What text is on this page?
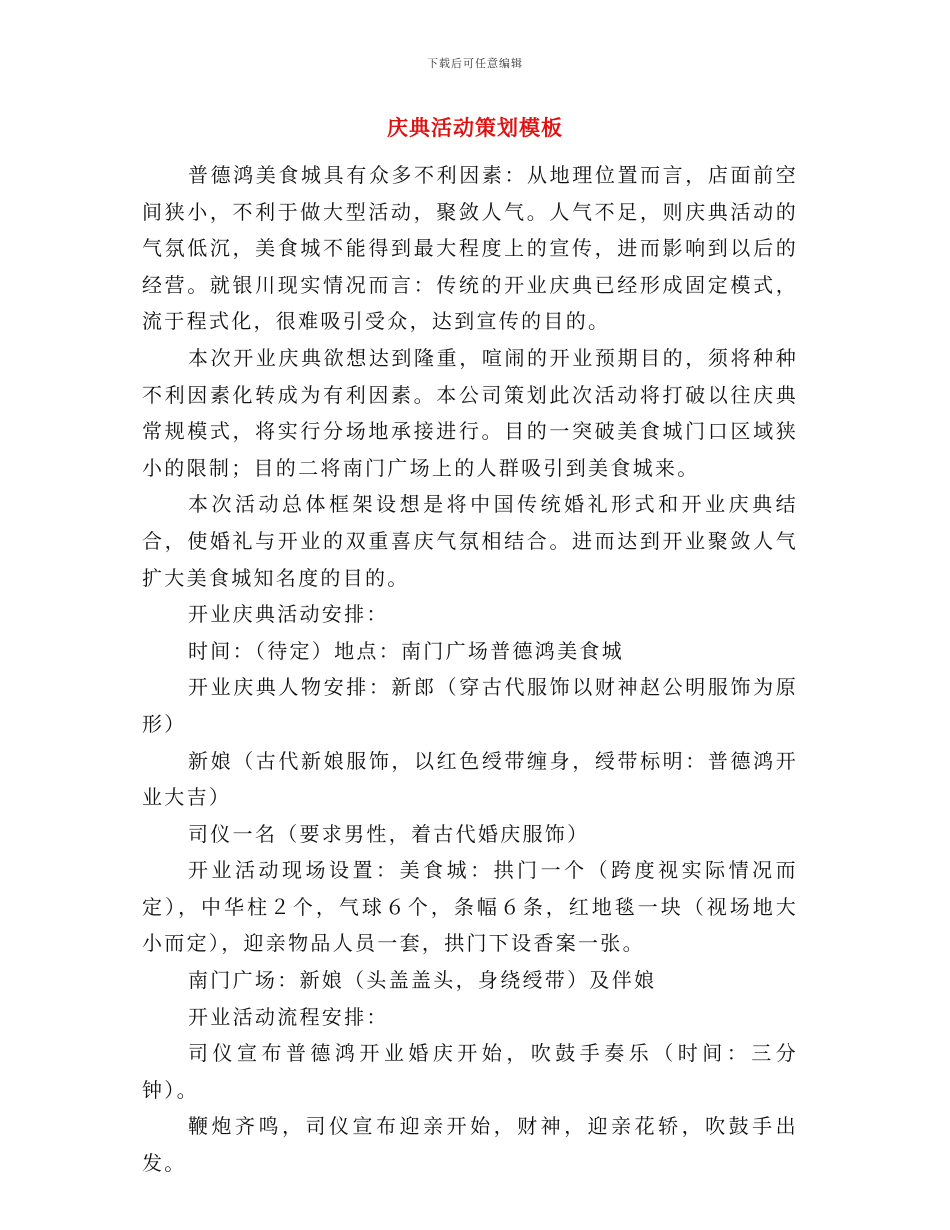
下载后可任意编辑
庆典活动策划模板

普德鸿美食城具有众多不利因素：从地理位置而言，店面前空间狭小，不利于做大型活动，聚敛人气。人气不足，则庆典活动的气氛低沉，美食城不能得到最大程度上的宣传，进而影响到以后的经营。就银川现实情况而言：传统的开业庆典已经形成固定模式，流于程式化，很难吸引受众，达到宣传的目的。

本次开业庆典欲想达到隆重，喧闹的开业预期目的，须将种种不利因素化转成为有利因素。本公司策划此次活动将打破以往庆典常规模式，将实行分场地承接进行。目的一突破美食城门口区域狭小的限制；目的二将南门广场上的人群吸引到美食城来。

本次活动总体框架设想是将中国传统婚礼形式和开业庆典结合，使婚礼与开业的双重喜庆气氛相结合。进而达到开业聚敛人气扩大美食城知名度的目的。

开业庆典活动安排：

时间：（待定）地点：南门广场普德鸿美食城

开业庆典人物安排：新郎（穿古代服饰以财神赵公明服饰为原形）

新娘（古代新娘服饰，以红色绶带缠身，绶带标明：普德鸿开业大吉）

司仪一名（要求男性，着古代婚庆服饰）

开业活动现场设置：美食城：拱门一个（跨度视实际情况而定），中华柱２个，气球６个，条幅６条，红地毯一块（视场地大小而定），迎亲物品人员一套，拱门下设香案一张。

南门广场：新娘（头盖盖头，身绕绶带）及伴娘

开业活动流程安排：

司仪宣布普德鸿开业婚庆开始，吹鼓手奏乐（时间：三分钟）。

鞭炮齐鸣，司仪宣布迎亲开始，财神，迎亲花轿，吹鼓手出发。
